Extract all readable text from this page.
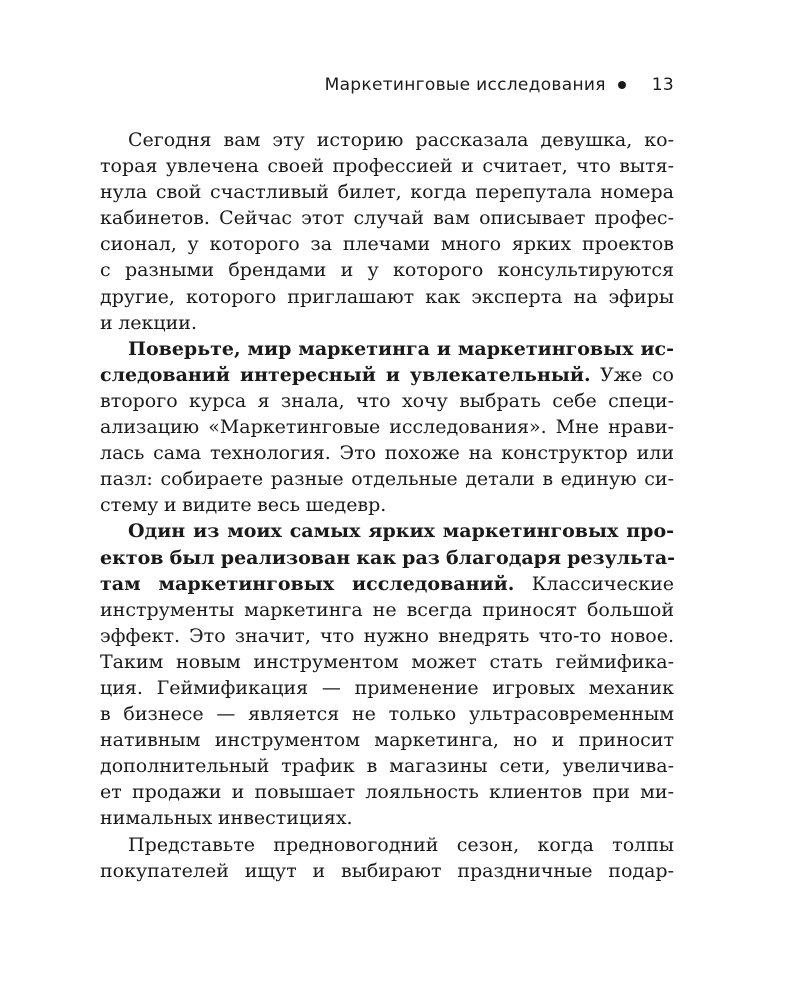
Маркетинговые исследования	13
Сегодня вам эту историю рассказала девушка, ко-
торая увлечена своей профессией и считает, что вытя-
нула свой счастливый билет, когда перепутала номера
кабинетов. Сейчас этот случай вам описывает профес-
сионал, у которого за плечами много ярких проектов
с разными брендами и у которого консультируются
другие, которого приглашают как эксперта на эфиры
и лекции.
Поверьте, мир маркетинга и маркетинговых ис-
следований интересный и увлекательный. Уже со
второго курса я знала, что хочу выбрать себе специ-
ализацию «Маркетинговые исследования». Мне нрави-
лась сама технология. Это похоже на конструктор или
пазл: собираете разные отдельные детали в единую си-
стему и видите весь шедевр.
Один из моих самых ярких маркетинговых про-
ектов был реализован как раз благодаря результа-
там маркетинговых исследований. Классические
инструменты маркетинга не всегда приносят большой
эффект. Это значит, что нужно внедрять что-то новое.
Таким новым инструментом может стать геймифика-
ция. Геймификация — применение игровых механик
в бизнесе — является не только ультрасовременным
нативным инструментом маркетинга, но и приносит
дополнительный трафик в магазины сети, увеличива-
ет продажи и повышает лояльность клиентов при ми-
нимальных инвестициях.
Представьте предновогодний сезон, когда толпы
покупателей ищут и выбирают праздничные подар-
